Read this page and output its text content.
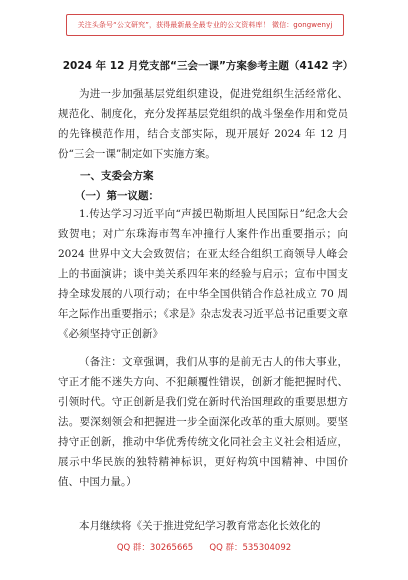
关注头条号“公文研究”，获得最新最全最专业的公文资料库！ 微信：gongwenyj
2024 年 12 月党支部“三会一课”方案参考主题（4142 字）

为进一步加强基层党组织建设，促进党组织生活经常化、规范化、制度化，充分发挥基层党组织的战斗堡垒作用和党员的先锋模范作用，结合支部实际，现开展好 2024 年 12 月份“三会一课”制定如下实施方案。

一、支委会方案
（一）第一议题：

1.传达学习习近平向“声援巴勒斯坦人民国际日”纪念大会致贺电；对广东珠海市驾车冲撞行人案件作出重要指示；向 2024 世界中文大会致贺信；在亚太经合组织工商领导人峰会上的书面演讲；谈中美关系四年来的经验与启示；宣布中国支持全球发展的八项行动；在中华全国供销合作总社成立 70 周年之际作出重要指示；《求是》杂志发表习近平总书记重要文章《必须坚持守正创新》

（备注：文章强调，我们从事的是前无古人的伟大事业，守正才能不迷失方向、不犯颠覆性错误，创新才能把握时代、引领时代。守正创新是我们党在新时代治国理政的重要思想方法。要深刻领会和把握进一步全面深化改革的重大原则。要坚持守正创新，推动中华优秀传统文化同社会主义社会相适应，展示中华民族的独特精神标识，更好构筑中国精神、中国价值、中国力量。）

本月继续将《关于推进党纪学习教育常态化长效化的

QQ 群：30265665      QQ 群：535304092
